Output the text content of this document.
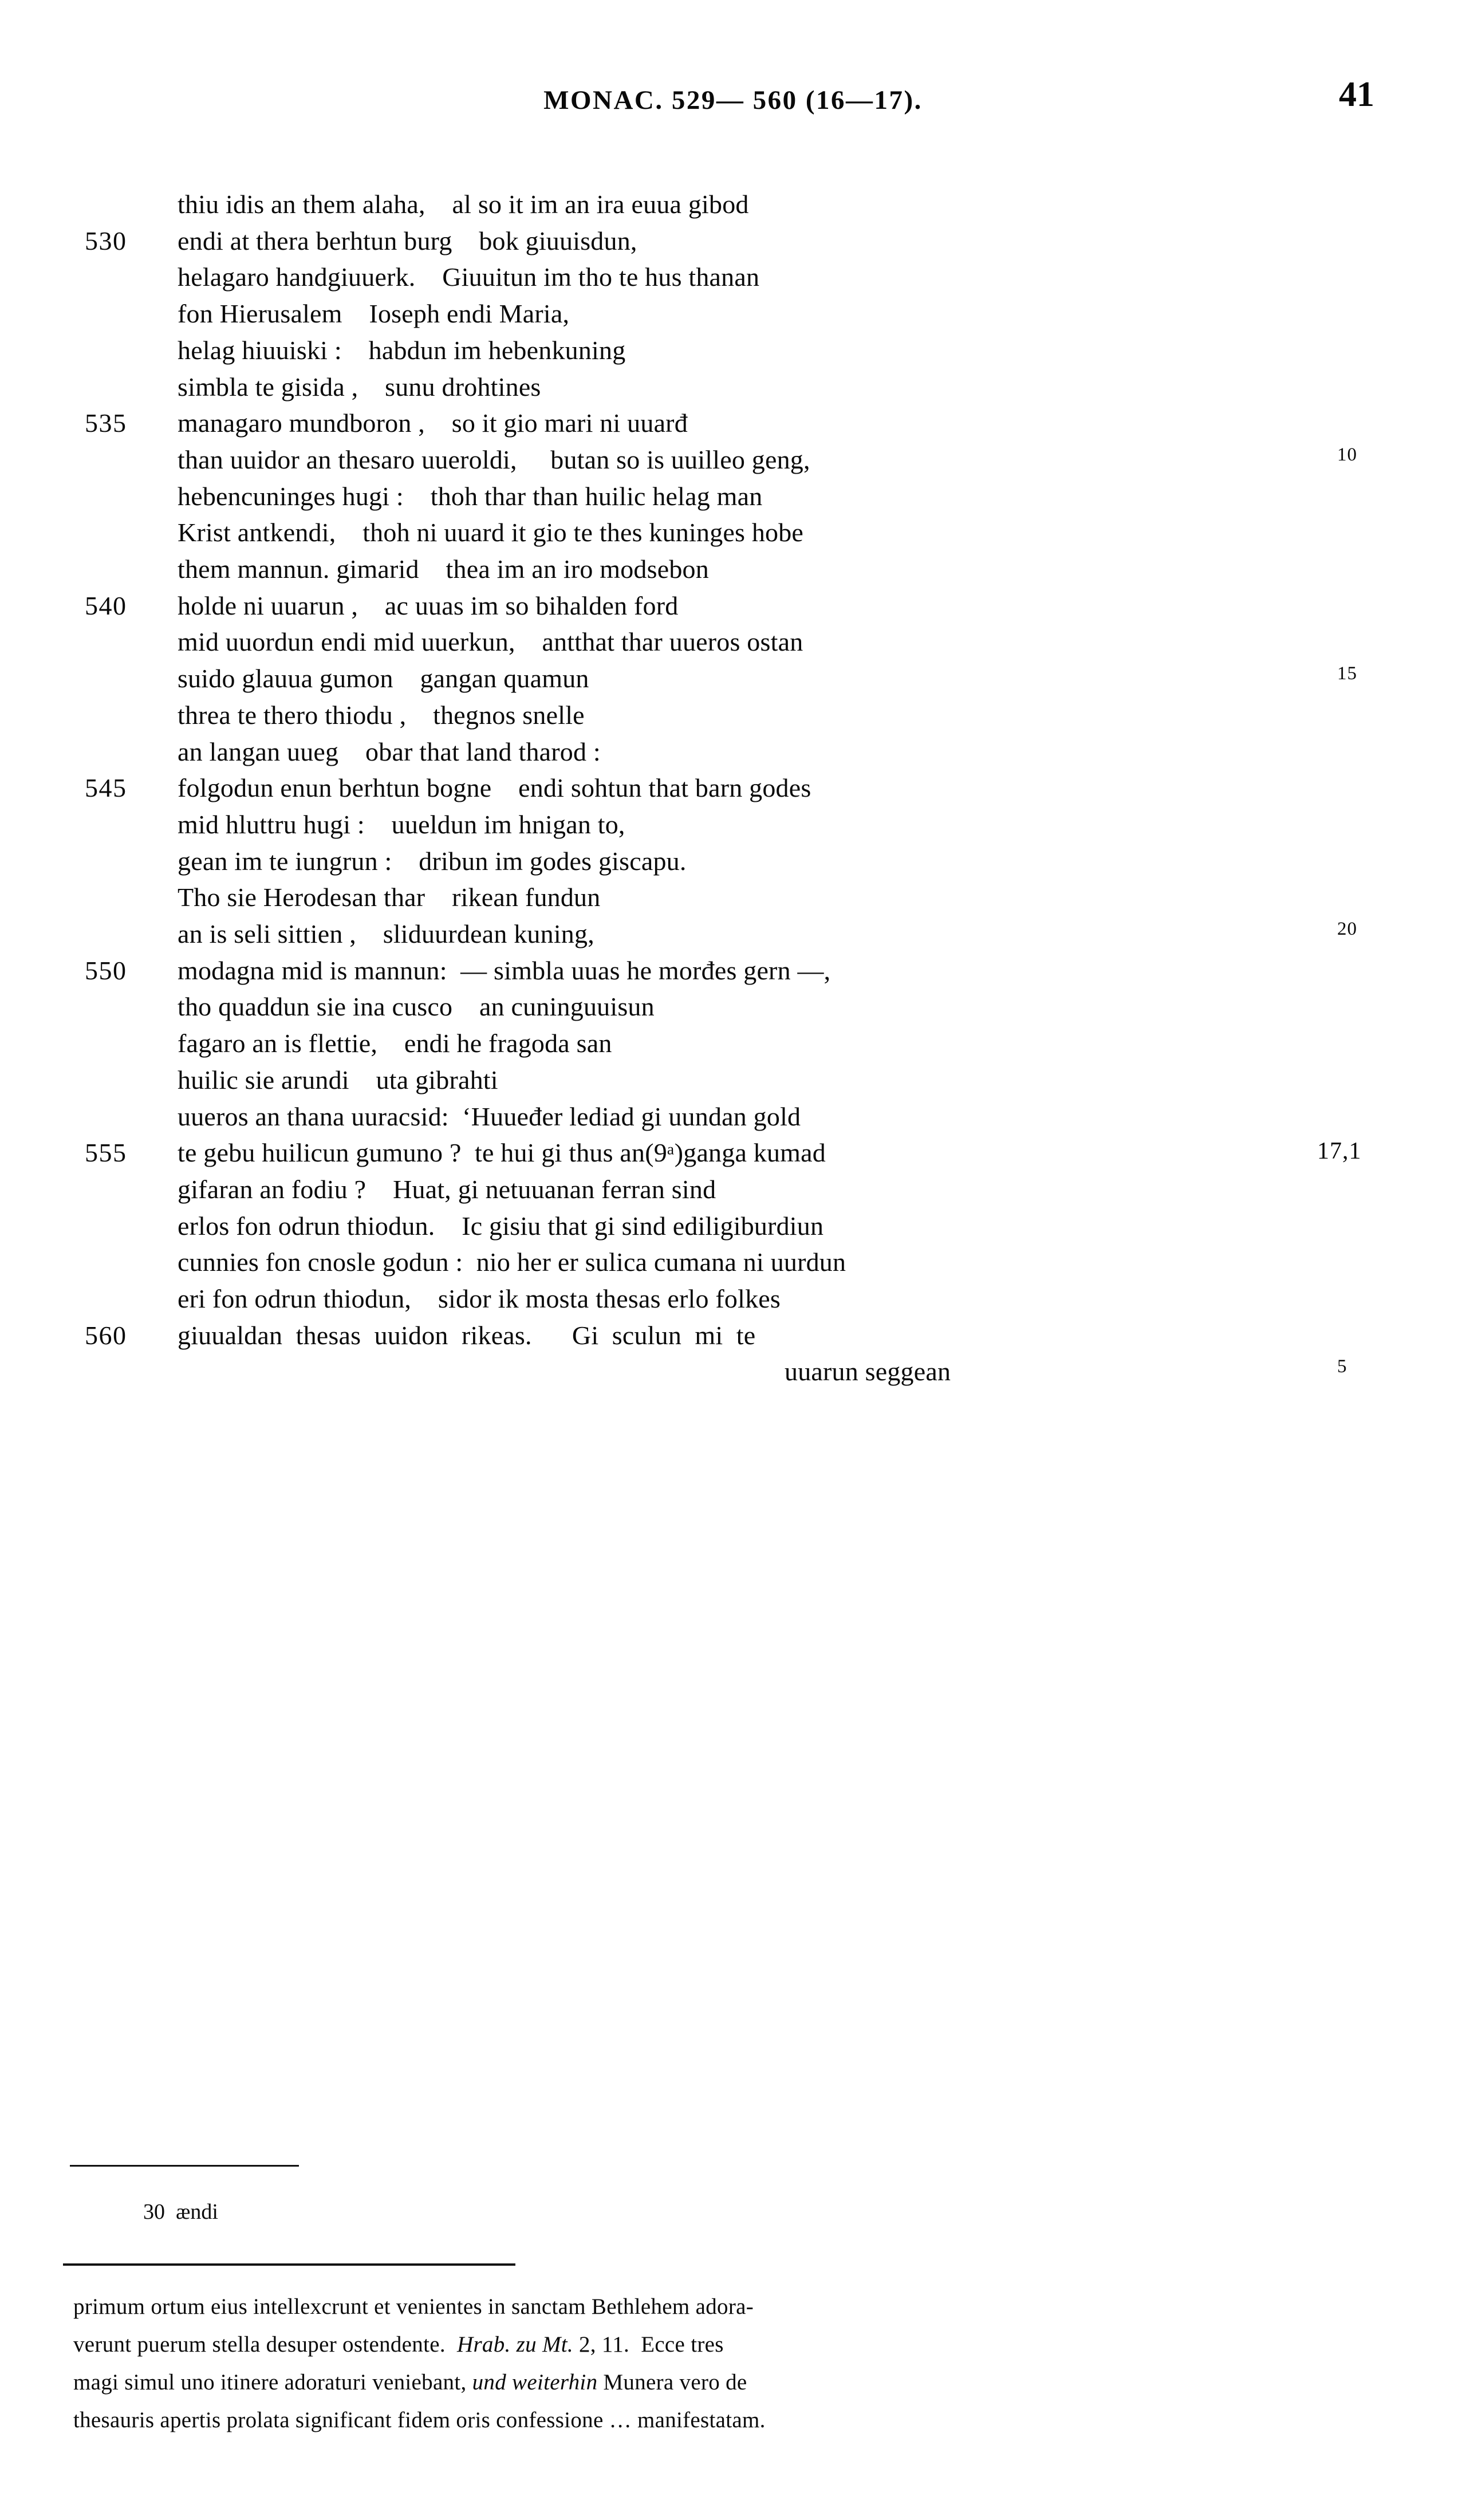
MONAC. 529— 560 (16—17).	41
thiu idis an them alaha,    al so it im an ira euua gibod
530	endi at thera berhtun burg    bok giuuisdun,
helagaro handgiuuerk.    Giuuitun im tho te hus thanan
fon Hierusalem    Ioseph endi Maria,
helag hiuuiski :    habdun im hebenkuning
simbla te gisida ,    sunu drohtines
535	managaro mundboron ,    so it gio mari ni uuarđ
than uuidor an thesaro uueroldi,     butan so is uuilleo geng,	10
hebencuninges hugi :    thoh thar than huilic helag man
Krist antkendi,    thoh ni uuard it gio te thes kuninges hobe
them mannun. gimarid    thea im an iro modsebon
540	holde ni uuarun ,    ac uuas im so bihalden ford
mid uuordun endi mid uuerkun,    antthat thar uueros ostan
suido glauua gumon    gangan quamun	15
threa te thero thiodu ,    thegnos snelle
an langan uueg    obar that land tharod :
545	folgodun enun berhtun bogne    endi sohtun that barn godes
mid hluttru hugi :    uueldun im hnigan to,
gean im te iungrun :    dribun im godes giscapu.
Tho sie Herodesan thar    rikean fundun
an is seli sittien ,    sliduurdean kuning,	20
550	modagna mid is mannun:  — simbla uuas he morđes gern —,
tho quaddun sie ina cusco    an cuninguuisun
fagaro an is flettie,    endi he fragoda san
huilic sie arundi    uta gibrahti
uueros an thana uuracsid:  ‘Huueđer lediad gi uundan gold
555	te gebu huilicun gumuno ?  te hui gi thus an(9ᵃ)ganga kumad	17,1
gifaran an fodiu ?    Huat, gi netuuanan ferran sind
erlos fon odrun thiodun.    Ic gisiu that gi sind ediligiburdiun
cunnies fon cnosle godun :  nio her er sulica cumana ni uurdun
eri fon odrun thiodun,    sidor ik mosta thesas erlo folkes
560	giuualdan  thesas  uuidon  rikeas.      Gi  sculun  mi  te
uuarun seggean	5
30  ændi
primum ortum eius intellexcrunt et venientes in sanctam Bethlehem adora-
verunt puerum stella desuper ostendente.  Hrab. zu Mt. 2, 11.  Ecce tres
magi simul uno itinere adoraturi veniebant, und weiterhin Munera vero de
thesauris apertis prolata significant fidem oris confessione … manifestatam.
